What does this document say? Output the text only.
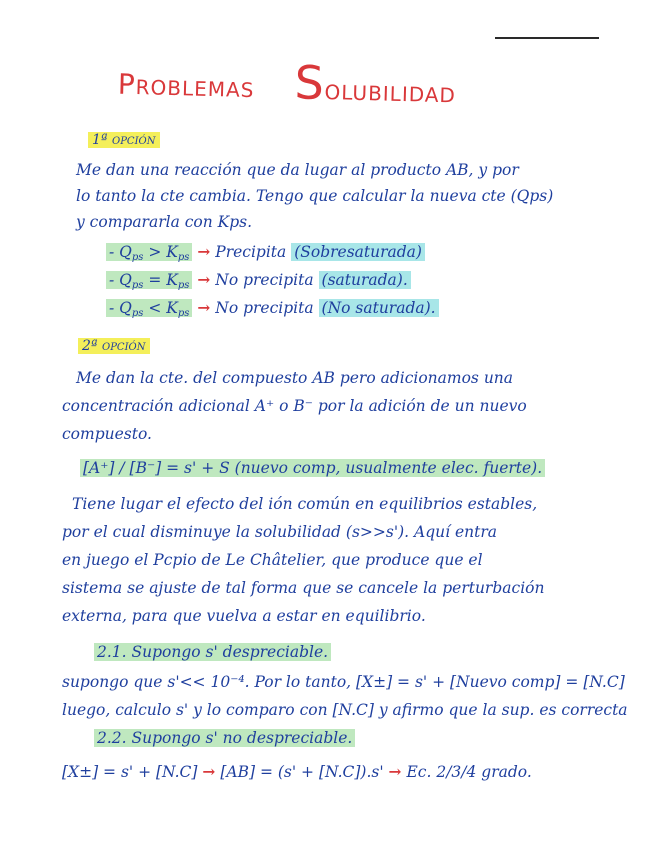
Problemas Solubilidad
1ª opción
Me dan una reacción que da lugar al producto AB, y por
lo tanto la cte cambia. Tengo que calcular la nueva cte (Qps)
y compararla con Kps.
- $Q_{ps} > K_{ps}$ → Precipita (Sobresaturada)
- $Q_{ps} = K_{ps} \to No$ precipita (saturada).
- $Q_{ps} < K_{ps} \to No$ precipita (No saturada).
2ª opción
Me dan la cte. del compuesto AB pero adicionamos una
concentración adicional A⁺ o B⁻ por la adición de un nuevo
compuesto.
[A⁺] / [B⁻] = s' + S (nuevo comp, usualmente elec. fuerte).
Tiene lugar el efecto del ión común en equilibrios estables,
por el cual disminuye la solubilidad (s>>s'). Aquí entra
en juego el Pcpio de Le Châtelier, que produce que el
sistema se ajuste de tal forma que se cancele la perturbación
externa, para que vuelva a estar en equilibrio.
2.1. Supongo s' despreciable.
supongo que s'<< 10⁻⁴. Por lo tanto, [X±] = s' + [Nuevo comp] = [N.C]
luego, calculo s' y lo comparo con [N.C] y afirmo que la sup. es correcta
2.2. Supongo s' no despreciable.
[X±] = s' + [N.C] → [AB] = (s' + [N.C]).s' → Ec. 2/3/4 grado.
